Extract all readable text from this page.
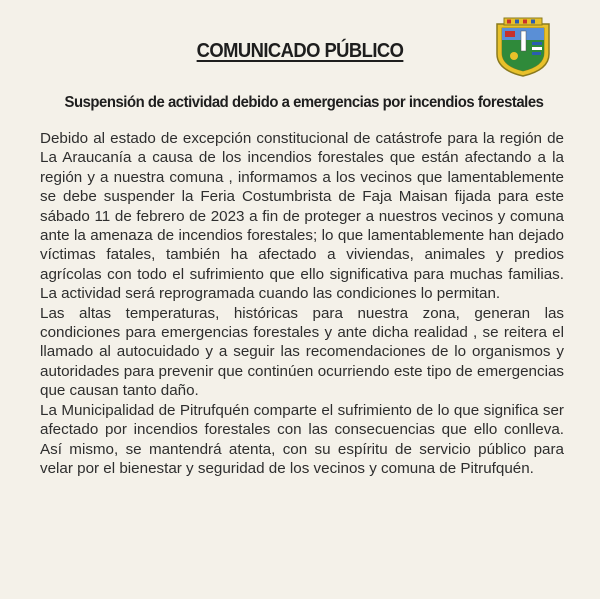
COMUNICADO PÚBLICO
Suspensión de actividad debido a emergencias por incendios forestales

Debido al estado de excepción constitucional de catástrofe para la región de La Araucanía a causa de los incendios forestales que están afectando a la región y a nuestra comuna , informamos a los vecinos que lamentablemente se debe suspender la Feria Costumbrista de Faja Maisan fijada para este sábado 11 de febrero de 2023 a fin de proteger a nuestros vecinos y comuna ante la amenaza de incendios forestales; lo que lamentablemente han dejado víctimas fatales, también ha afectado a viviendas, animales y predios agrícolas con todo el sufrimiento que ello significativa para muchas familias. La actividad será reprogramada cuando las condiciones lo permitan.

Las altas temperaturas, históricas para nuestra zona, generan las condiciones para emergencias forestales y ante dicha realidad , se reitera el llamado al autocuidado y a seguir las recomendaciones de lo organismos y autoridades para prevenir que continúen ocurriendo este tipo de emergencias que causan tanto daño.

La Municipalidad de Pitrufquén comparte el sufrimiento de lo que significa ser afectado por incendios forestales con las consecuencias que ello conlleva. Así mismo, se mantendrá atenta, con su espíritu de servicio público para velar por el bienestar y seguridad de los vecinos y comuna de Pitrufquén.
